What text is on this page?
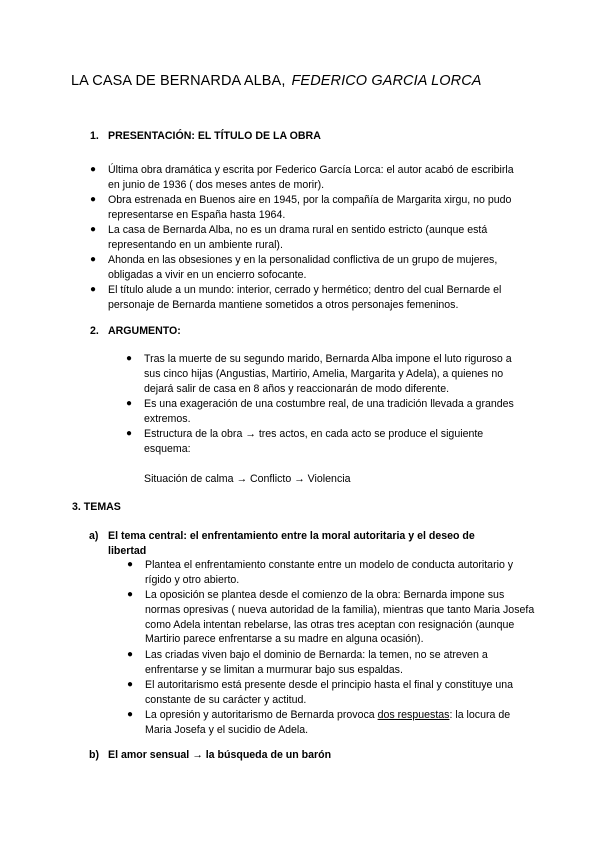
LA CASA DE BERNARDA ALBA, FEDERICO GARCIA LORCA
1. PRESENTACIÓN: EL TÍTULO DE LA OBRA
● Última obra dramática y escrita por Federico García Lorca: el autor acabó de escribirla en junio de 1936 ( dos meses antes de morir).
● Obra estrenada en Buenos aire en 1945, por la compañía de Margarita xirgu, no pudo representarse en España hasta 1964.
● La casa de Bernarda Alba, no es un drama rural en sentido estricto (aunque está representando en un ambiente rural).
● Ahonda en las obsesiones y en la personalidad conflictiva de un grupo de mujeres, obligadas a vivir en un encierro sofocante.
● El título alude a un mundo: interior, cerrado y hermético; dentro del cual Bernarde el personaje de Bernarda mantiene sometidos a otros personajes femeninos.
2. ARGUMENTO:
● Tras la muerte de su segundo marido, Bernarda Alba impone el luto riguroso a sus cinco hijas (Angustias, Martirio, Amelia, Margarita y Adela), a quienes no dejará salir de casa en 8 años y reaccionarán de modo diferente.
● Es una exageración de una costumbre real, de una tradición llevada a grandes extremos.
● Estructura de la obra → tres actos, en cada acto se produce el siguiente esquema:
Situación de calma → Conflicto → Violencia
3. TEMAS
a) El tema central: el enfrentamiento entre la moral autoritaria y el deseo de libertad
● Plantea el enfrentamiento constante entre un modelo de conducta autoritario y rígido y otro abierto.
● La oposición se plantea desde el comienzo de la obra: Bernarda impone sus normas opresivas ( nueva autoridad de la familia), mientras que tanto Maria Josefa como Adela intentan rebelarse, las otras tres aceptan con resignación (aunque Martirio parece enfrentarse a su madre en alguna ocasión).
● Las criadas viven bajo el dominio de Bernarda: la temen, no se atreven a enfrentarse y se limitan a murmurar bajo sus espaldas.
● El autoritarismo está presente desde el principio hasta el final y constituye una constante de su carácter y actitud.
● La opresión y autoritarismo de Bernarda provoca dos respuestas: la locura de Maria Josefa y el sucidio de Adela.
b) El amor sensual → la búsqueda de un barón
